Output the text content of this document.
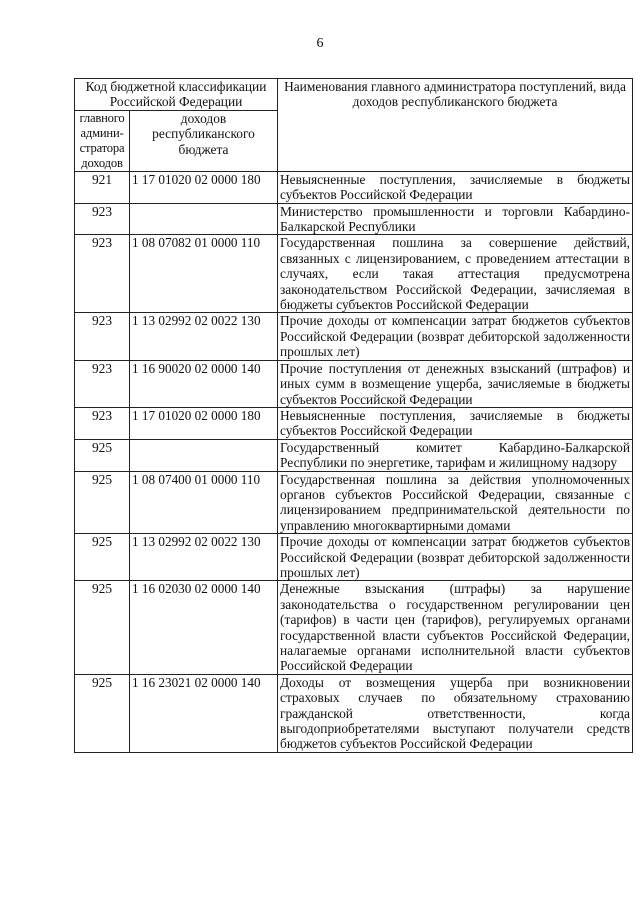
6
Код бюджетной классификации Российской Федерации		Наименования главного администратора поступлений, вида доходов республиканского бюджета
главного админи-стратора доходов	доходов республиканского бюджета	
921	1 17 01020 02 0000 180	Невыясненные поступления, зачисляемые в бюджеты субъектов Российской Федерации
923		Министерство промышленности и торговли Кабардино-Балкарской Республики
923	1 08 07082 01 0000 110	Государственная пошлина за совершение действий, связанных с лицензированием, с проведением аттестации в случаях, если такая аттестация предусмотрена законодательством Российской Федерации, зачисляемая в бюджеты субъектов Российской Федерации
923	1 13 02992 02 0022 130	Прочие доходы от компенсации затрат бюджетов субъектов Российской Федерации (возврат дебиторской задолженности прошлых лет)
923	1 16 90020 02 0000 140	Прочие поступления от денежных взысканий (штрафов) и иных сумм в возмещение ущерба, зачисляемые в бюджеты субъектов Российской Федерации
923	1 17 01020 02 0000 180	Невыясненные поступления, зачисляемые в бюджеты субъектов Российской Федерации
925		Государственный комитет Кабардино-Балкарской Республики по энергетике, тарифам и жилищному надзору
925	1 08 07400 01 0000 110	Государственная пошлина за действия уполномоченных органов субъектов Российской Федерации, связанные с лицензированием предпринимательской деятельности по управлению многоквартирными домами
925	1 13 02992 02 0022 130	Прочие доходы от компенсации затрат бюджетов субъектов Российской Федерации (возврат дебиторской задолженности прошлых лет)
925	1 16 02030 02 0000 140	Денежные взыскания (штрафы) за нарушение законодательства о государственном регулировании цен (тарифов) в части цен (тарифов), регулируемых органами государственной власти субъектов Российской Федерации, налагаемые органами исполнительной власти субъектов Российской Федерации
925	1 16 23021 02 0000 140	Доходы от возмещения ущерба при возникновении страховых случаев по обязательному страхованию гражданской ответственности, когда выгодоприобретателями выступают получатели средств бюджетов субъектов Российской Федерации
